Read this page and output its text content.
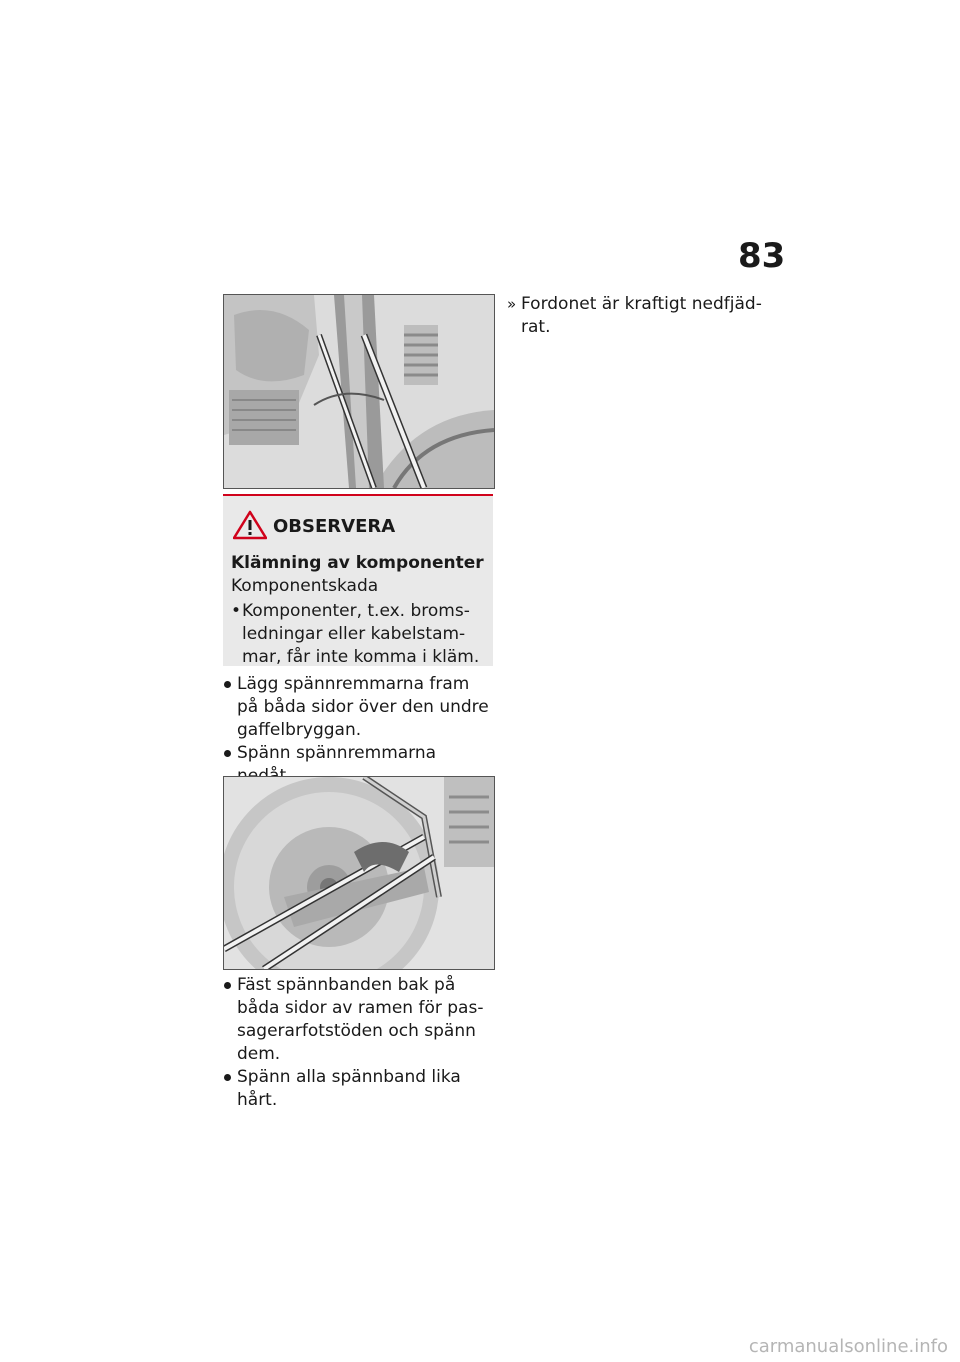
83
OBSERVERA
Klämning av komponenter
Komponentskada
• Komponenter, t.ex. broms-ledningar eller kabelstam-mar, får inte komma i kläm.
Lägg spännremmarna fram på båda sidor över den undre gaffelbryggan.
Spänn spännremmarna
Fäst spännbanden bak på båda sidor av ramen för pas-sagerarfotstöden och spänn dem.
Spänn alla spännband lika hårt.
» Fordonet är kraftigt nedfjäd-rat.
carmanualsonline.info
